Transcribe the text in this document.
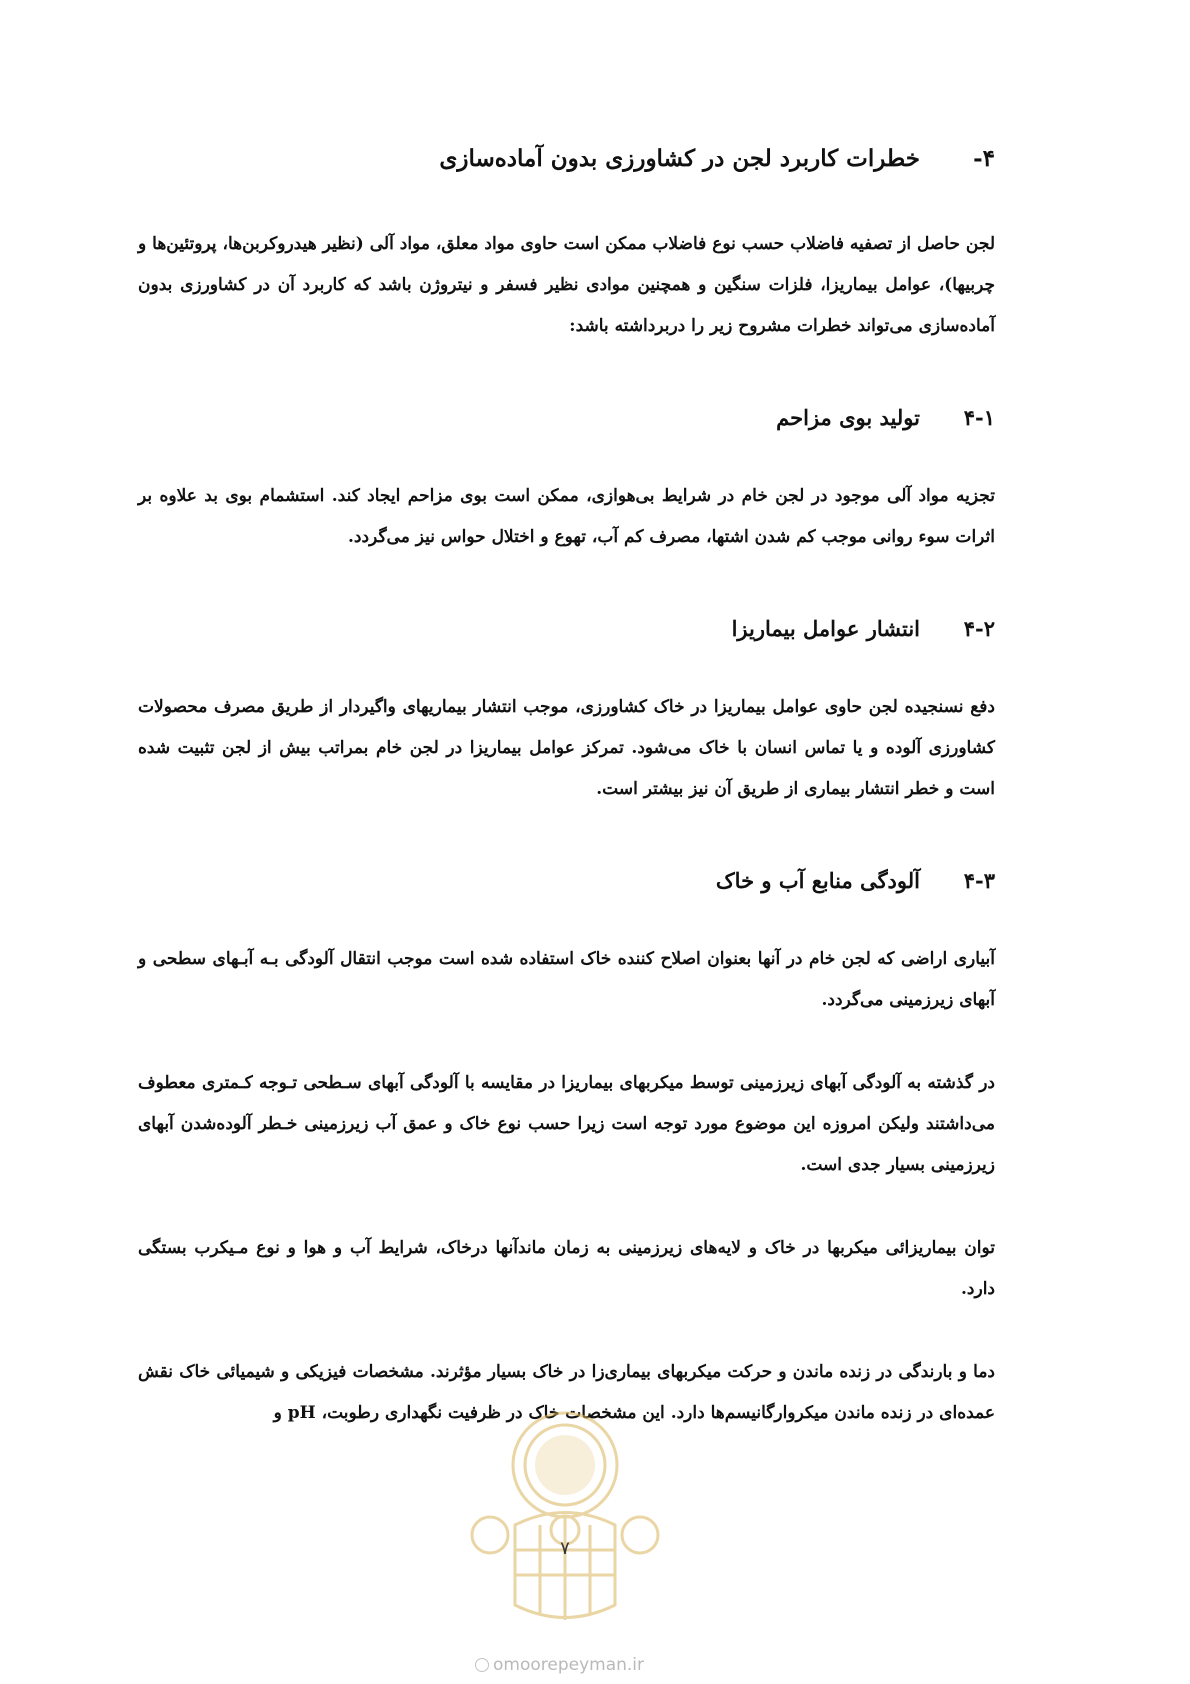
۴-
خطرات کاربرد لجن در کشاورزی بدون آماده‌سازی

لجن حاصل از تصفیه فاضلاب حسب نوع فاضلاب ممکن است حاوی مواد معلق، مواد آلی (نظیر هیدروکربن‌ها، پروتئین‌ها و چربیها)، عوامل بیماریزا، فلزات سنگین و همچنین موادی نظیر فسفر و نیتروژن باشد که کاربرد آن در کشاورزی بدون آماده‌سازی می‌تواند خطرات مشروح زیر را دربرداشته باشد:

۴-۱
تولید بوی مزاحم

تجزیه مواد آلی موجود در لجن خام در شرایط بی‌هوازی، ممکن است بوی مزاحم ایجاد کند. استشمام بوی بد علاوه بر اثرات سوء روانی موجب کم شدن اشتها، مصرف کم آب، تهوع و اختلال حواس نیز می‌گردد.

۴-۲
انتشار عوامل بیماریزا

دفع نسنجیده لجن حاوی عوامل بیماریزا در خاک کشاورزی، موجب انتشار بیماریهای واگیردار از طریق مصرف محصولات کشاورزی آلوده و یا تماس انسان با خاک می‌شود. تمرکز عوامل بیماریزا در لجن خام بمراتب بیش از لجن تثبیت شده است و خطر انتشار بیماری از طریق آن نیز بیشتر است.

۴-۳
آلودگی منابع آب و خاک

آبیاری اراضی که لجن خام در آنها بعنوان اصلاح کننده خاک استفاده شده است موجب انتقال آلودگی بـه آبـهای سطحی و آبهای زیرزمینی می‌گردد.

در گذشته به آلودگی آبهای زیرزمینی توسط میکربهای بیماریزا در مقایسه با آلودگی آبهای سـطحی تـوجه کـمتری معطوف می‌داشتند ولیکن امروزه این موضوع مورد توجه است زیرا حسب نوع خاک و عمق آب زیرزمینی خـطر آلوده‌شدن آبهای زیرزمینی بسیار جدی است.

توان بیماریزائی میکربها در خاک و لایه‌های زیرزمینی به زمان ماندآنها درخاک، شرایط آب و هوا و نوع مـیکرب بستگی دارد.

دما و بارندگی در زنده ماندن و حرکت میکربهای بیماری‌زا در خاک بسیار مؤثرند. مشخصات فیزیکی و شیمیائی خاک نقش عمده‌ای در زنده ماندن میکروارگانیسم‌ها دارد. این مشخصات خاک در ظرفیت نگهداری رطوبت، pH و

۷
omoorepeyman.ir
